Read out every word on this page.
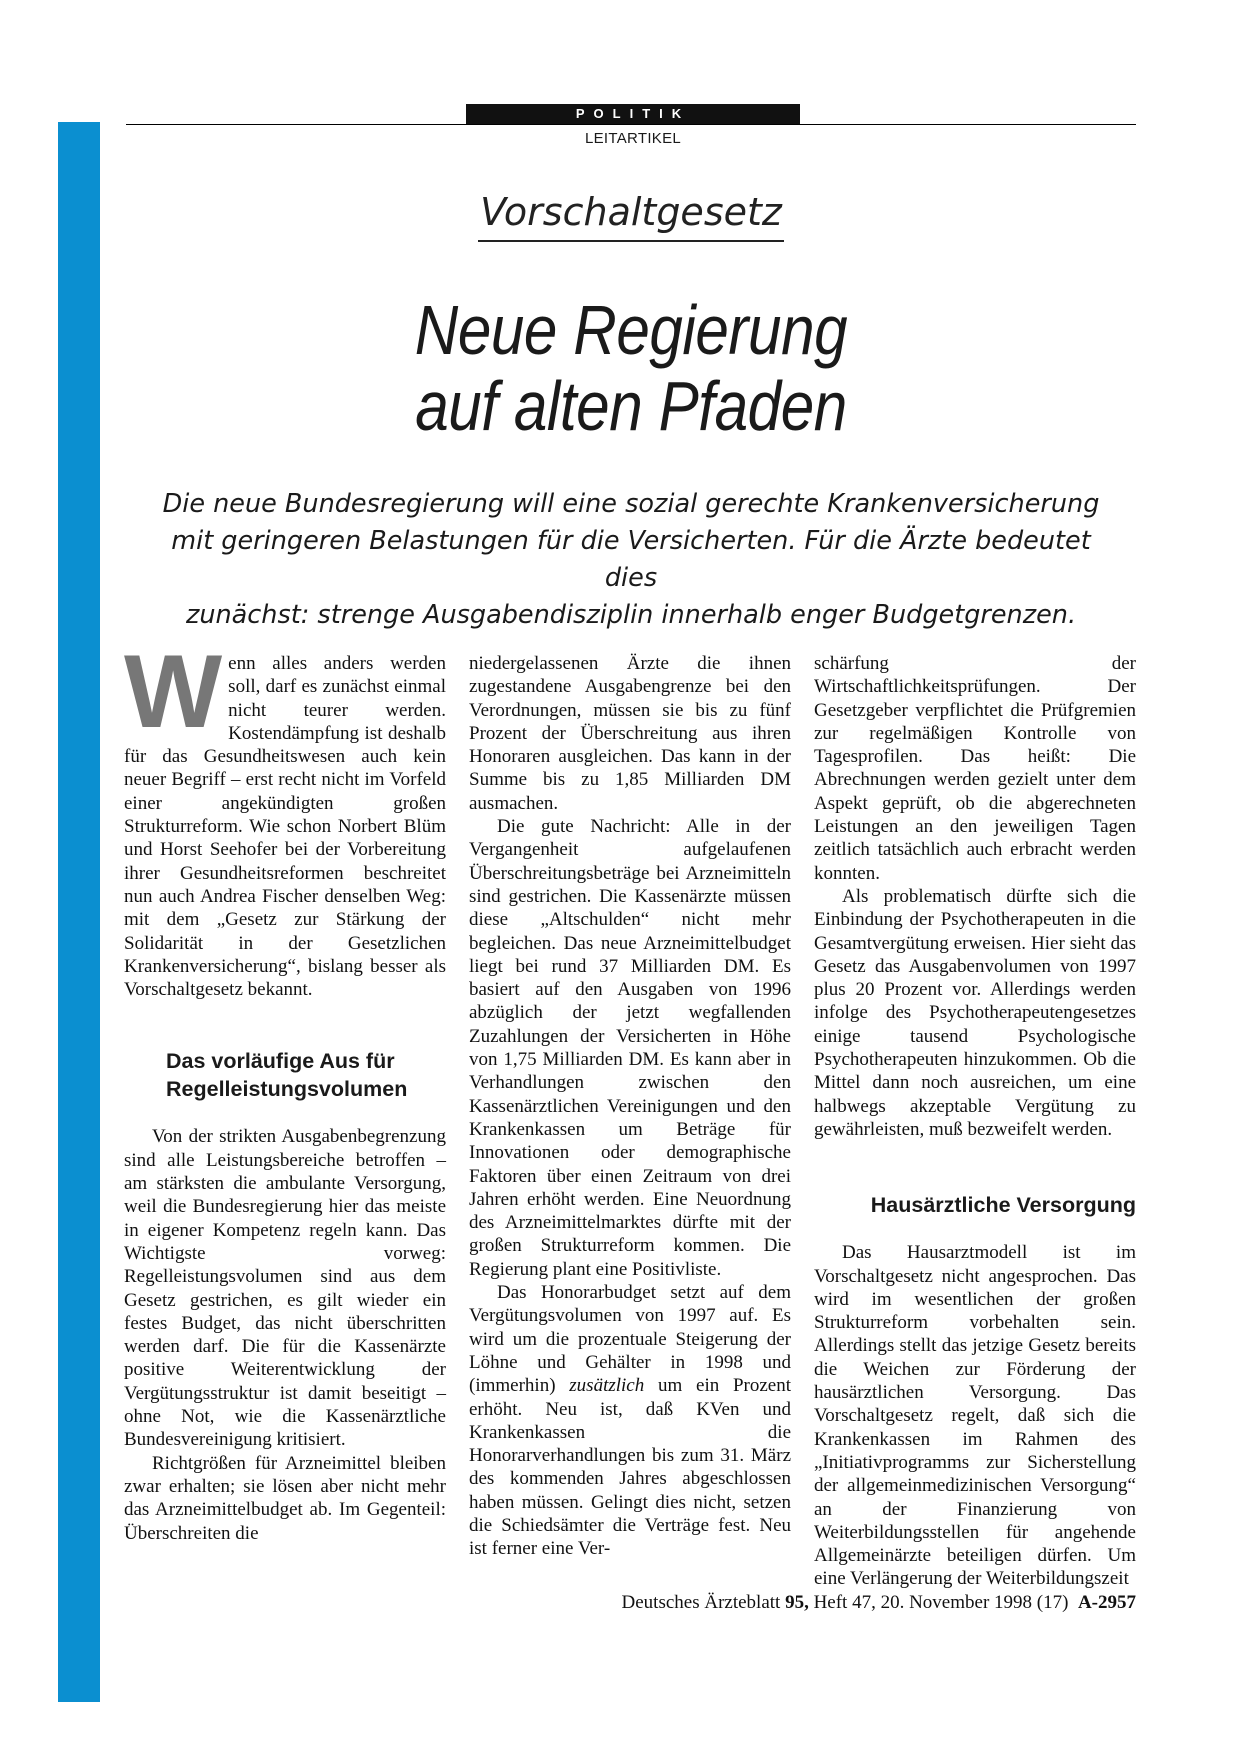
POLITIK
LEITARTIKEL
Vorschaltgesetz
Neue Regierung
auf alten Pfaden
Die neue Bundesregierung will eine sozial gerechte Krankenversicherung
mit geringeren Belastungen für die Versicherten. Für die Ärzte bedeutet dies
zunächst: strenge Ausgabendisziplin innerhalb enger Budgetgrenzen.

Wenn alles anders werden soll, darf es zunächst einmal nicht teurer werden. Kostendämpfung ist deshalb für das Gesundheitswesen auch kein neuer Begriff – erst recht nicht im Vorfeld einer angekündigten großen Strukturreform. Wie schon Norbert Blüm und Horst Seehofer bei der Vorbereitung ihrer Gesundheitsreformen beschreitet nun auch Andrea Fischer denselben Weg: mit dem „Gesetz zur Stärkung der Solidarität in der Gesetzlichen Krankenversicherung“, bislang besser als Vorschaltgesetz bekannt.

Das vorläufige Aus für Regelleistungsvolumen

Von der strikten Ausgabenbegrenzung sind alle Leistungsbereiche betroffen – am stärksten die ambulante Versorgung, weil die Bundesregierung hier das meiste in eigener Kompetenz regeln kann. Das Wichtigste vorweg: Regelleistungsvolumen sind aus dem Gesetz gestrichen, es gilt wieder ein festes Budget, das nicht überschritten werden darf. Die für die Kassenärzte positive Weiterentwicklung der Vergütungsstruktur ist damit beseitigt – ohne Not, wie die Kassenärztliche Bundesvereinigung kritisiert.

Richtgrößen für Arzneimittel bleiben zwar erhalten; sie lösen aber nicht mehr das Arzneimittelbudget ab. Im Gegenteil: Überschreiten die

niedergelassenen Ärzte die ihnen zugestandene Ausgabengrenze bei den Verordnungen, müssen sie bis zu fünf Prozent der Überschreitung aus ihren Honoraren ausgleichen. Das kann in der Summe bis zu 1,85 Milliarden DM ausmachen.

Die gute Nachricht: Alle in der Vergangenheit aufgelaufenen Überschreitungsbeträge bei Arzneimitteln sind gestrichen. Die Kassenärzte müssen diese „Altschulden“ nicht mehr begleichen. Das neue Arzneimittelbudget liegt bei rund 37 Milliarden DM. Es basiert auf den Ausgaben von 1996 abzüglich der jetzt wegfallenden Zuzahlungen der Versicherten in Höhe von 1,75 Milliarden DM. Es kann aber in Verhandlungen zwischen den Kassenärztlichen Vereinigungen und den Krankenkassen um Beträge für Innovationen oder demographische Faktoren über einen Zeitraum von drei Jahren erhöht werden. Eine Neuordnung des Arzneimittelmarktes dürfte mit der großen Strukturreform kommen. Die Regierung plant eine Positivliste.

Das Honorarbudget setzt auf dem Vergütungsvolumen von 1997 auf. Es wird um die prozentuale Steigerung der Löhne und Gehälter in 1998 und (immerhin) zusätzlich um ein Prozent erhöht. Neu ist, daß KVen und Krankenkassen die Honorarverhandlungen bis zum 31. März des kommenden Jahres abgeschlossen haben müssen. Gelingt dies nicht, setzen die Schiedsämter die Verträge fest. Neu ist ferner eine Ver-

schärfung der Wirtschaftlichkeitsprüfungen. Der Gesetzgeber verpflichtet die Prüfgremien zur regelmäßigen Kontrolle von Tagesprofilen. Das heißt: Die Abrechnungen werden gezielt unter dem Aspekt geprüft, ob die abgerechneten Leistungen an den jeweiligen Tagen zeitlich tatsächlich auch erbracht werden konnten.

Als problematisch dürfte sich die Einbindung der Psychotherapeuten in die Gesamtvergütung erweisen. Hier sieht das Gesetz das Ausgabenvolumen von 1997 plus 20 Prozent vor. Allerdings werden infolge des Psychotherapeutengesetzes einige tausend Psychologische Psychotherapeuten hinzukommen. Ob die Mittel dann noch ausreichen, um eine halbwegs akzeptable Vergütung zu gewährleisten, muß bezweifelt werden.

Hausärztliche Versorgung

Das Hausarztmodell ist im Vorschaltgesetz nicht angesprochen. Das wird im wesentlichen der großen Strukturreform vorbehalten sein. Allerdings stellt das jetzige Gesetz bereits die Weichen zur Förderung der hausärztlichen Versorgung. Das Vorschaltgesetz regelt, daß sich die Krankenkassen im Rahmen des „Initiativprogramms zur Sicherstellung der allgemeinmedizinischen Versorgung“ an der Finanzierung von Weiterbildungsstellen für angehende Allgemeinärzte beteiligen dürfen. Um eine Verlängerung der Weiterbildungszeit

Deutsches Ärzteblatt 95, Heft 47, 20. November 1998 (17) A-2957
